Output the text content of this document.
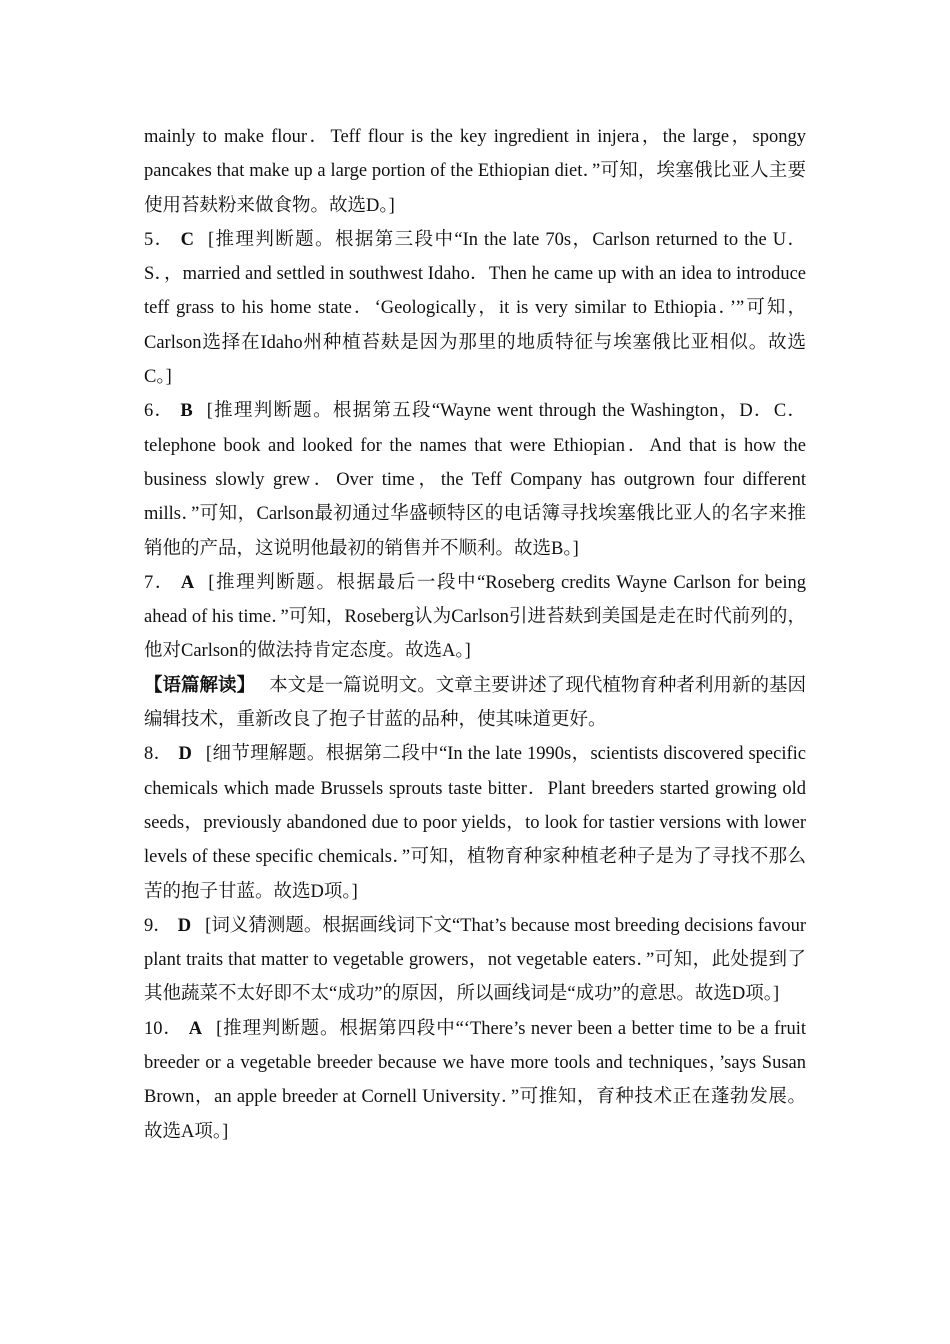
mainly to make flour．Teff flour is the key ingredient in injera，the large，spongy pancakes that make up a large portion of the Ethiopian diet．”可知，埃塞俄比亚人主要使用苔麸粉来做食物。故选D。]

5． C [推理判断题。根据第三段中“In the late 70s，Carlson returned to the U．S．，married and settled in southwest Idaho．Then he came up with an idea to introduce teff grass to his home state．‘Geologically，it is very similar to Ethiopia．’”可知，Carlson选择在Idaho州种植苔麸是因为那里的地质特征与埃塞俄比亚相似。故选C。]

6． B [推理判断题。根据第五段“Wayne went through the Washington，D．C．telephone book and looked for the names that were Ethiopian．And that is how the business slowly grew．Over time，the Teff Company has outgrown four different mills．”可知，Carlson最初通过华盛顿特区的电话簿寻找埃塞俄比亚人的名字来推销他的产品，这说明他最初的销售并不顺利。故选B。]

7． A [推理判断题。根据最后一段中“Roseberg credits Wayne Carlson for being ahead of his time．”可知，Roseberg认为Carlson引进苔麸到美国是走在时代前列的，他对Carlson的做法持肯定态度。故选A。]

【语篇解读】 本文是一篇说明文。文章主要讲述了现代植物育种者利用新的基因编辑技术，重新改良了抱子甘蓝的品种，使其味道更好。

8． D [细节理解题。根据第二段中“In the late 1990s，scientists discovered specific chemicals which made Brussels sprouts taste bitter．Plant breeders started growing old seeds，previously abandoned due to poor yields，to look for tastier versions with lower levels of these specific chemicals．”可知，植物育种家种植老种子是为了寻找不那么苦的抱子甘蓝。故选D项。]

9． D [词义猜测题。根据画线词下文“That’s because most breeding decisions favour plant traits that matter to vegetable growers，not vegetable eaters．”可知，此处提到了其他蔬菜不太好即不太“成功”的原因，所以画线词是“成功”的意思。故选D项。]

10． A [推理判断题。根据第四段中“‘There’s never been a better time to be a fruit breeder or a vegetable breeder because we have more tools and techniques，’says Susan Brown，an apple breeder at Cornell University．”可推知，育种技术正在蓬勃发展。故选A项。]
